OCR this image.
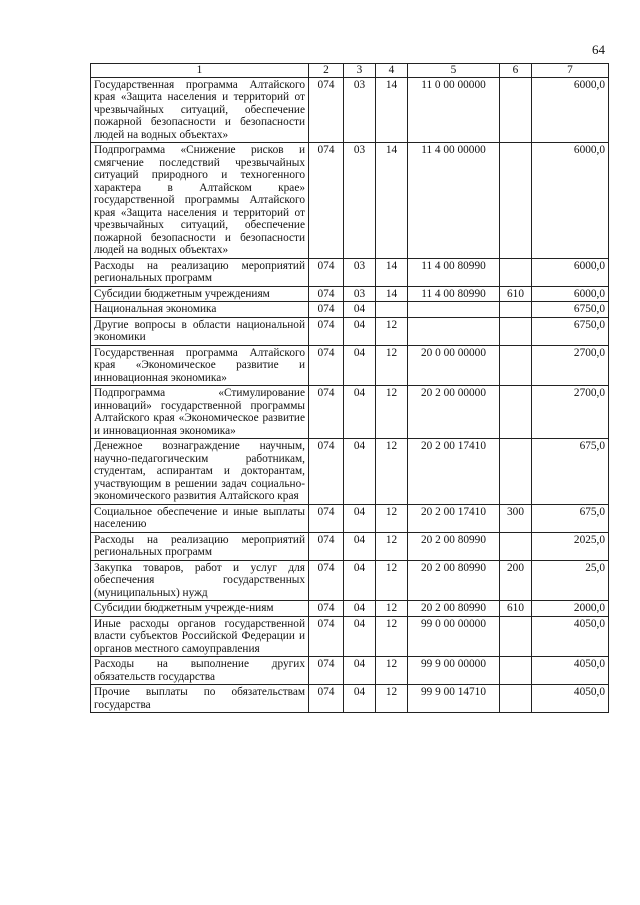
64
1	2	3	4	5	6	7
Государственная программа Алтайского края «Защита населения и территорий от чрезвычайных ситуаций, обеспечение пожарной безопасности и безопасности людей на водных объектах»	074	03	14	11 0 00 00000		6000,0
Подпрограмма «Снижение рисков и смягчение последствий чрезвычайных ситуаций природного и техногенного характера в Алтайском крае» государственной программы Алтайского края «Защита населения и территорий от чрезвычайных ситуаций, обеспечение пожарной безопасности и безопасности людей на водных объектах»	074	03	14	11 4 00 00000		6000,0
Расходы на реализацию мероприятий региональных программ	074	03	14	11 4 00 80990		6000,0
Субсидии бюджетным учреждениям	074	03	14	11 4 00 80990	610	6000,0
Национальная экономика	074	04				6750,0
Другие вопросы в области национальной экономики	074	04	12			6750,0
Государственная программа Алтайского края «Экономическое развитие и инновационная экономика»	074	04	12	20 0 00 00000		2700,0
Подпрограмма «Стимулирование инноваций» государственной программы Алтайского края «Экономическое развитие и инновационная экономика»	074	04	12	20 2 00 00000		2700,0
Денежное вознаграждение научным, научно-педагогическим работникам, студентам, аспирантам и докторантам, участвующим в решении задач социально-экономического развития Алтайского края	074	04	12	20 2 00 17410		675,0
Социальное обеспечение и иные выплаты населению	074	04	12	20 2 00 17410	300	675,0
Расходы на реализацию мероприятий региональных программ	074	04	12	20 2 00 80990		2025,0
Закупка товаров, работ и услуг для обеспечения государственных (муниципальных) нужд	074	04	12	20 2 00 80990	200	25,0
Субсидии бюджетным учрежде-ниям	074	04	12	20 2 00 80990	610	2000,0
Иные расходы органов государственной власти субъектов Российской Федерации и органов местного самоуправления	074	04	12	99 0 00 00000		4050,0
Расходы на выполнение других обязательств государства	074	04	12	99 9 00 00000		4050,0
Прочие выплаты по обязательствам государства	074	04	12	99 9 00 14710		4050,0
